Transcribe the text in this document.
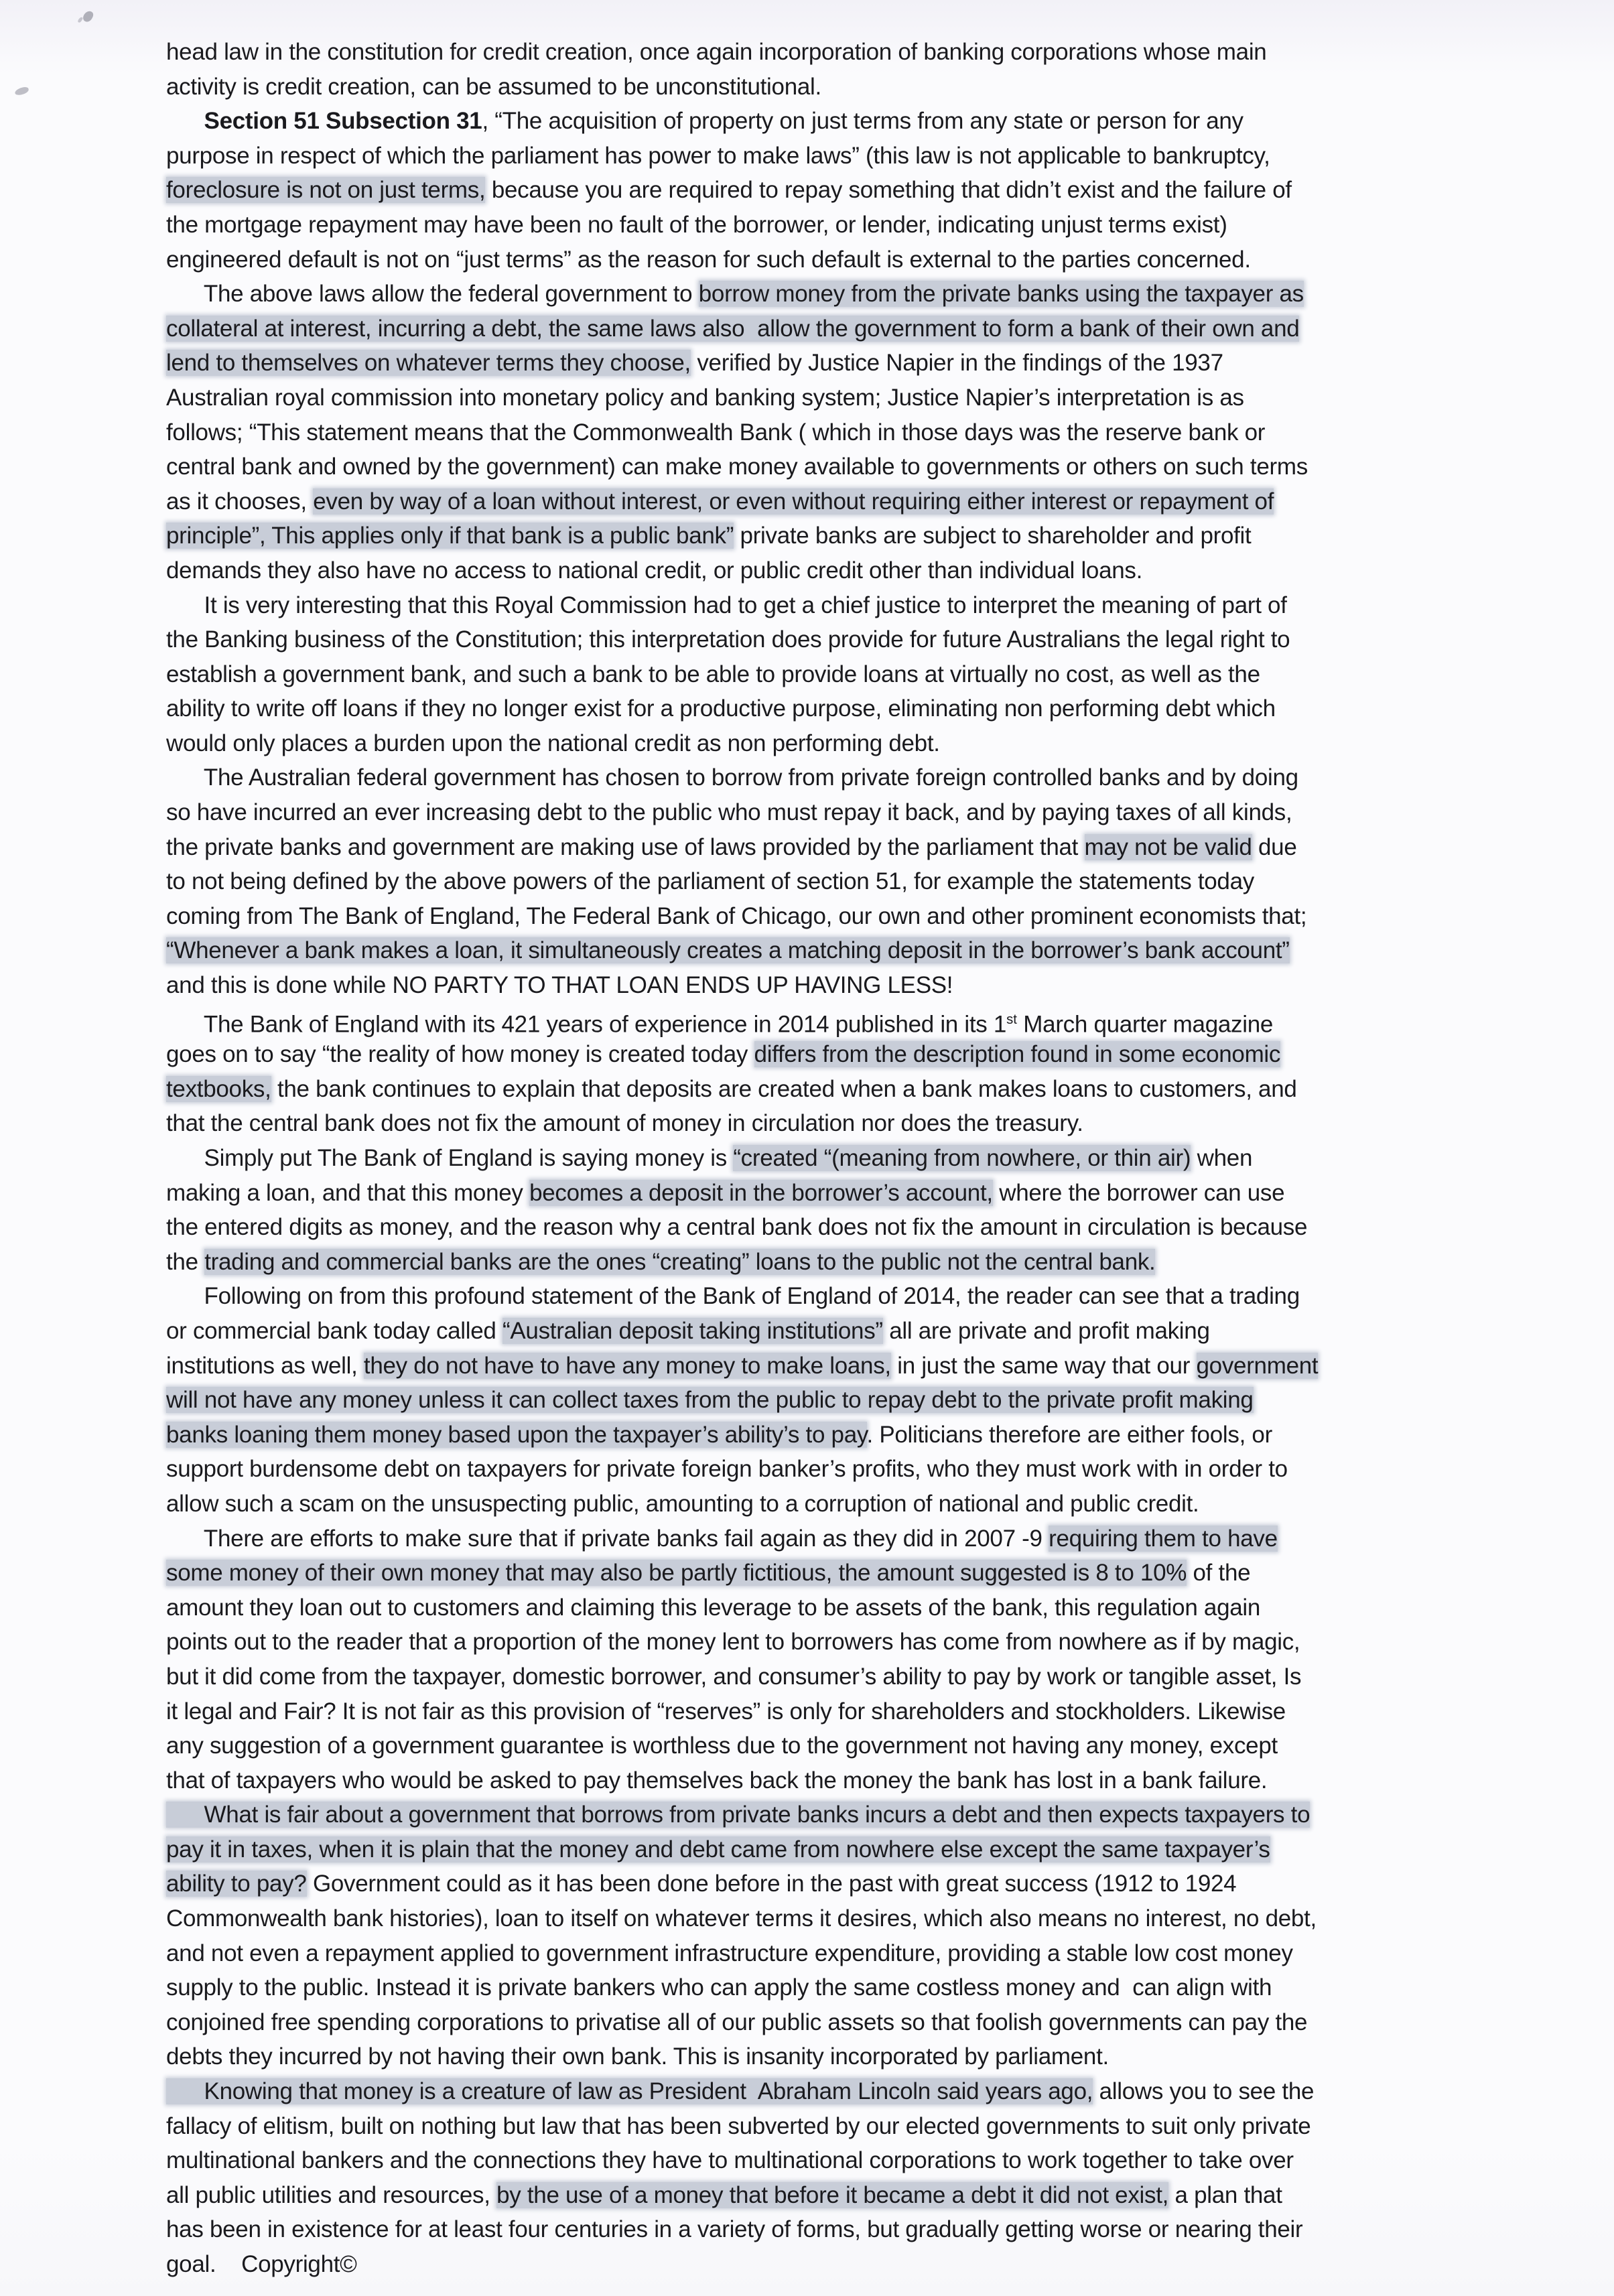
head law in the constitution for credit creation, once again incorporation of banking corporations whose main
activity is credit creation, can be assumed to be unconstitutional.
Section 51 Subsection 31, “The acquisition of property on just terms from any state or person for any
purpose in respect of which the parliament has power to make laws” (this law is not applicable to bankruptcy,
foreclosure is not on just terms, because you are required to repay something that didn’t exist and the failure of
the mortgage repayment may have been no fault of the borrower, or lender, indicating unjust terms exist)
engineered default is not on “just terms” as the reason for such default is external to the parties concerned.
The above laws allow the federal government to borrow money from the private banks using the taxpayer as
collateral at interest, incurring a debt, the same laws also  allow the government to form a bank of their own and
lend to themselves on whatever terms they choose, verified by Justice Napier in the findings of the 1937
Australian royal commission into monetary policy and banking system; Justice Napier’s interpretation is as
follows; “This statement means that the Commonwealth Bank ( which in those days was the reserve bank or
central bank and owned by the government) can make money available to governments or others on such terms
as it chooses, even by way of a loan without interest, or even without requiring either interest or repayment of
principle”, This applies only if that bank is a public bank” private banks are subject to shareholder and profit
demands they also have no access to national credit, or public credit other than individual loans.
It is very interesting that this Royal Commission had to get a chief justice to interpret the meaning of part of
the Banking business of the Constitution; this interpretation does provide for future Australians the legal right to
establish a government bank, and such a bank to be able to provide loans at virtually no cost, as well as the
ability to write off loans if they no longer exist for a productive purpose, eliminating non performing debt which
would only places a burden upon the national credit as non performing debt.
The Australian federal government has chosen to borrow from private foreign controlled banks and by doing
so have incurred an ever increasing debt to the public who must repay it back, and by paying taxes of all kinds,
the private banks and government are making use of laws provided by the parliament that may not be valid due
to not being defined by the above powers of the parliament of section 51, for example the statements today
coming from The Bank of England, The Federal Bank of Chicago, our own and other prominent economists that;
“Whenever a bank makes a loan, it simultaneously creates a matching deposit in the borrower’s bank account”
and this is done while NO PARTY TO THAT LOAN ENDS UP HAVING LESS!
The Bank of England with its 421 years of experience in 2014 published in its 1st March quarter magazine
goes on to say “the reality of how money is created today differs from the description found in some economic
textbooks, the bank continues to explain that deposits are created when a bank makes loans to customers, and
that the central bank does not fix the amount of money in circulation nor does the treasury.
Simply put The Bank of England is saying money is “created “(meaning from nowhere, or thin air) when
making a loan, and that this money becomes a deposit in the borrower’s account, where the borrower can use
the entered digits as money, and the reason why a central bank does not fix the amount in circulation is because
the trading and commercial banks are the ones “creating” loans to the public not the central bank.
Following on from this profound statement of the Bank of England of 2014, the reader can see that a trading
or commercial bank today called “Australian deposit taking institutions” all are private and profit making
institutions as well, they do not have to have any money to make loans, in just the same way that our government
will not have any money unless it can collect taxes from the public to repay debt to the private profit making
banks loaning them money based upon the taxpayer’s ability’s to pay. Politicians therefore are either fools, or
support burdensome debt on taxpayers for private foreign banker’s profits, who they must work with in order to
allow such a scam on the unsuspecting public, amounting to a corruption of national and public credit.
There are efforts to make sure that if private banks fail again as they did in 2007 -9 requiring them to have
some money of their own money that may also be partly fictitious, the amount suggested is 8 to 10% of the
amount they loan out to customers and claiming this leverage to be assets of the bank, this regulation again
points out to the reader that a proportion of the money lent to borrowers has come from nowhere as if by magic,
but it did come from the taxpayer, domestic borrower, and consumer’s ability to pay by work or tangible asset, Is
it legal and Fair? It is not fair as this provision of “reserves” is only for shareholders and stockholders. Likewise
any suggestion of a government guarantee is worthless due to the government not having any money, except
that of taxpayers who would be asked to pay themselves back the money the bank has lost in a bank failure.
What is fair about a government that borrows from private banks incurs a debt and then expects taxpayers to
pay it in taxes, when it is plain that the money and debt came from nowhere else except the same taxpayer’s
ability to pay? Government could as it has been done before in the past with great success (1912 to 1924
Commonwealth bank histories), loan to itself on whatever terms it desires, which also means no interest, no debt,
and not even a repayment applied to government infrastructure expenditure, providing a stable low cost money
supply to the public. Instead it is private bankers who can apply the same costless money and  can align with
conjoined free spending corporations to privatise all of our public assets so that foolish governments can pay the
debts they incurred by not having their own bank. This is insanity incorporated by parliament.
Knowing that money is a creature of law as President  Abraham Lincoln said years ago, allows you to see the
fallacy of elitism, built on nothing but law that has been subverted by our elected governments to suit only private
multinational bankers and the connections they have to multinational corporations to work together to take over
all public utilities and resources, by the use of a money that before it became a debt it did not exist, a plan that
has been in existence for at least four centuries in a variety of forms, but gradually getting worse or nearing their
goal.    Copyright©
